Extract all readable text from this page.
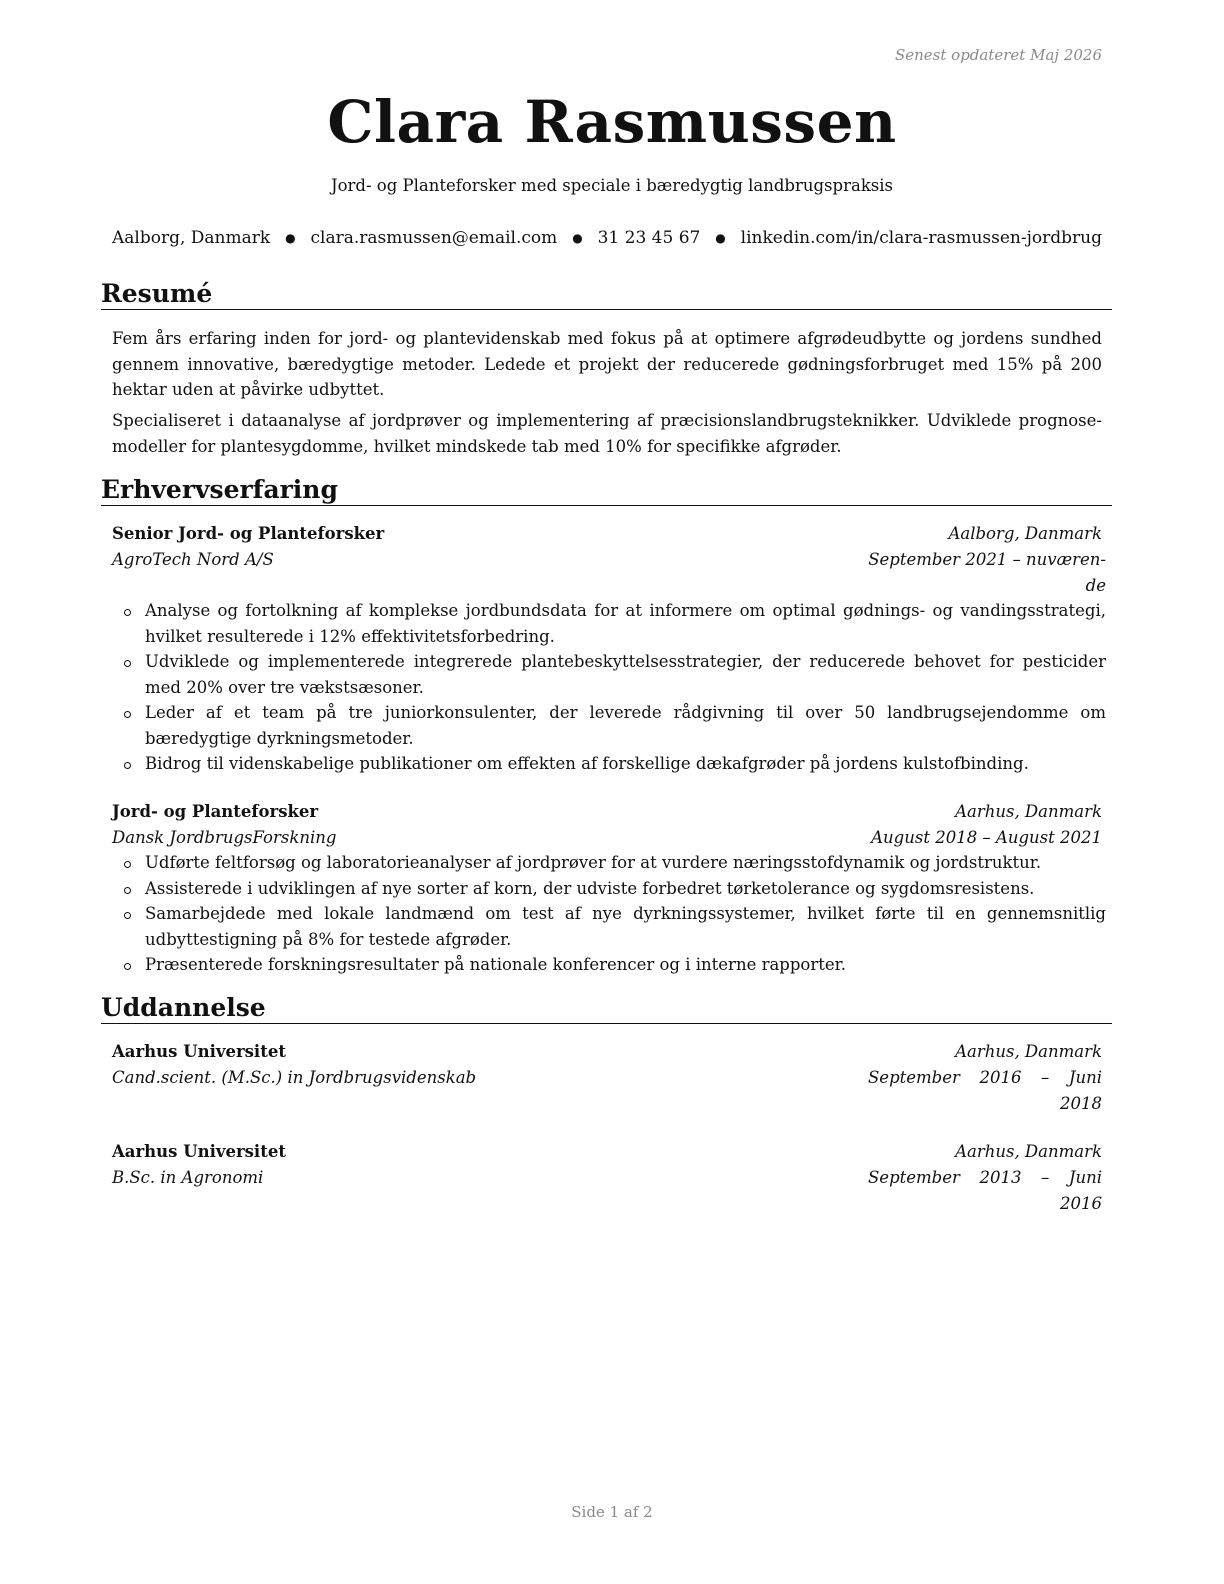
Senest opdateret Maj 2026
Clara Rasmussen
Jord- og Planteforsker med speciale i bæredygtig landbrugspraksis
Aalborg, Danmark ● clara.rasmussen@email.com ● 31 23 45 67 ● linkedin.com/in/clara-rasmussen-jordbrug
Resumé
Fem års erfaring inden for jord- og plantevidenskab med fokus på at optimere afgrødeudbytte og jordens sundhed gennem innovative, bæredygtige metoder. Ledede et projekt der reducerede gødningsforbruget med 15% på 200 hektar uden at påvirke udbyttet.
Specialiseret i dataanalyse af jordprøver og implementering af præcisionslandbrugsteknikker. Udviklede prognosemodeller for plantesygdomme, hvilket mindskede tab med 10% for specifikke afgrøder.
Erhvervserfaring
Senior Jord- og Planteforsker	Aalborg, Danmark
AgroTech Nord A/S	September 2021 – nuværen-
de
Analyse og fortolkning af komplekse jordbundsdata for at informere om optimal gødnings- og vandingsstrategi, hvilket resulterede i 12% effektivitetsforbedring.
Udviklede og implementerede integrerede plantebeskyttelsesstrategier, der reducerede behovet for pesticider med 20% over tre vækstsæsoner.
Leder af et team på tre juniorkonsulenter, der leverede rådgivning til over 50 landbrugsejendomme om bæredygtige dyrkningsmetoder.
Bidrog til videnskabelige publikationer om effekten af forskellige dækafgrøder på jordens kulstofbinding.
Jord- og Planteforsker	Aarhus, Danmark
Dansk JordbrugsForskning	August 2018 – August 2021
Udførte feltforsøg og laboratorieanalyser af jordprøver for at vurdere næringsstofdynamik og jordstruktur.
Assisterede i udviklingen af nye sorter af korn, der udviste forbedret tørketolerance og sygdomsresistens.
Samarbejdede med lokale landmænd om test af nye dyrkningssystemer, hvilket førte til en gennemsnitlig udbyttestigning på 8% for testede afgrøder.
Præsenterede forskningsresultater på nationale konferencer og i interne rapporter.
Uddannelse
Aarhus Universitet	Aarhus, Danmark
Cand.scient. (M.Sc.) in Jordbrugsvidenskab	September 2016 – Juni
2018
Aarhus Universitet	Aarhus, Danmark
B.Sc. in Agronomi	September 2013 – Juni
2016
Side 1 af 2
